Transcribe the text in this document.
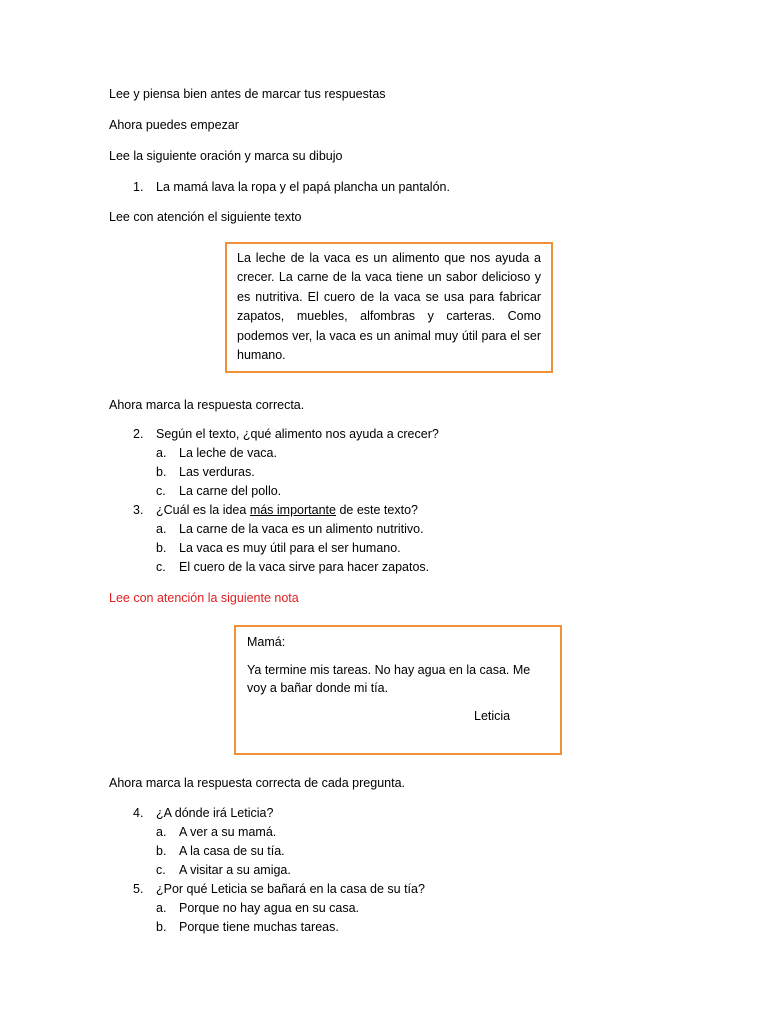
Lee y piensa bien antes de marcar tus respuestas
Ahora puedes empezar
Lee la siguiente oración y marca su dibujo
1. La mamá lava la ropa y el papá plancha un pantalón.
Lee con atención el siguiente texto

La leche de la vaca es un alimento que nos ayuda a crecer. La carne de la vaca tiene un sabor delicioso y es nutritiva. El cuero de la vaca se usa para fabricar zapatos, muebles, alfombras y carteras. Como podemos ver, la vaca es un animal muy útil para el ser humano.

Ahora marca la respuesta correcta.
2. Según el texto, ¿qué alimento nos ayuda a crecer?
a. La leche de vaca.
b. Las verduras.
c. La carne del pollo.
3. ¿Cuál es la idea más importante de este texto?
a. La carne de la vaca es un alimento nutritivo.
b. La vaca es muy útil para el ser humano.
c. El cuero de la vaca sirve para hacer zapatos.
Lee con atención la siguiente nota

Mamá:

Ya termine mis tareas. No hay agua en la casa. Me voy a bañar donde mi tía.

Leticia

Ahora marca la respuesta correcta de cada pregunta.
4. ¿A dónde irá Leticia?
a. A ver a su mamá.
b. A la casa de su tía.
c. A visitar a su amiga.
5. ¿Por qué Leticia se bañará en la casa de su tía?
a. Porque no hay agua en su casa.
b. Porque tiene muchas tareas.
